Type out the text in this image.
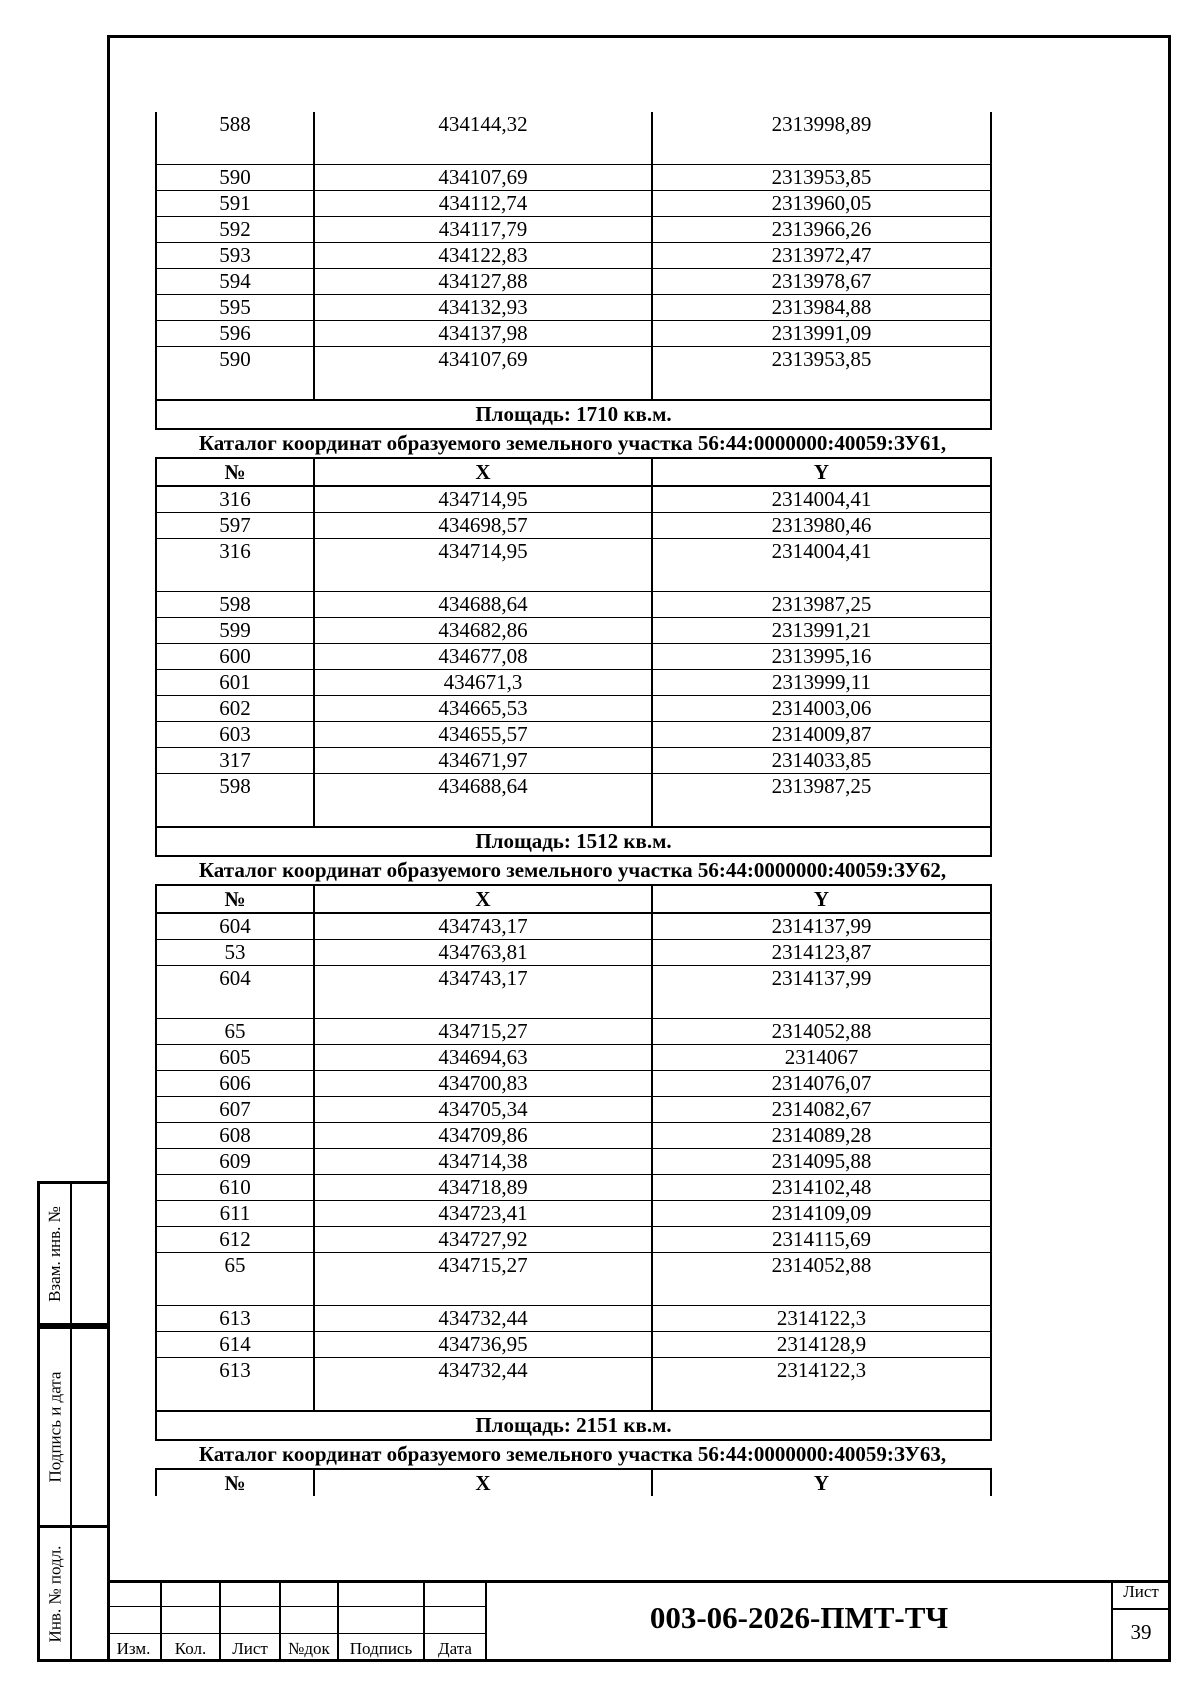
Взам. инв. №
Подпись и дата
Инв. № подл.
588	434144,32	2313998,89
590	434107,69	2313953,85
591	434112,74	2313960,05
592	434117,79	2313966,26
593	434122,83	2313972,47
594	434127,88	2313978,67
595	434132,93	2313984,88
596	434137,98	2313991,09
590	434107,69	2313953,85
Площадь: 1710 кв.м.		
Каталог координат образуемого земельного участка 56:44:0000000:40059:ЗУ61,
№	X	Y
316	434714,95	2314004,41
597	434698,57	2313980,46
316	434714,95	2314004,41
598	434688,64	2313987,25
599	434682,86	2313991,21
600	434677,08	2313995,16
601	434671,3	2313999,11
602	434665,53	2314003,06
603	434655,57	2314009,87
317	434671,97	2314033,85
598	434688,64	2313987,25
Площадь: 1512 кв.м.		
Каталог координат образуемого земельного участка 56:44:0000000:40059:ЗУ62,
№	X	Y
604	434743,17	2314137,99
53	434763,81	2314123,87
604	434743,17	2314137,99
65	434715,27	2314052,88
605	434694,63	2314067
606	434700,83	2314076,07
607	434705,34	2314082,67
608	434709,86	2314089,28
609	434714,38	2314095,88
610	434718,89	2314102,48
611	434723,41	2314109,09
612	434727,92	2314115,69
65	434715,27	2314052,88
613	434732,44	2314122,3
614	434736,95	2314128,9
613	434732,44	2314122,3
Площадь: 2151 кв.м.		
Каталог координат образуемого земельного участка 56:44:0000000:40059:ЗУ63,
№	X	Y
Изм.	Кол.	Лист	№док	Подпись	Дата
003-06-2026-ПМТ-ТЧ
Лист
39
